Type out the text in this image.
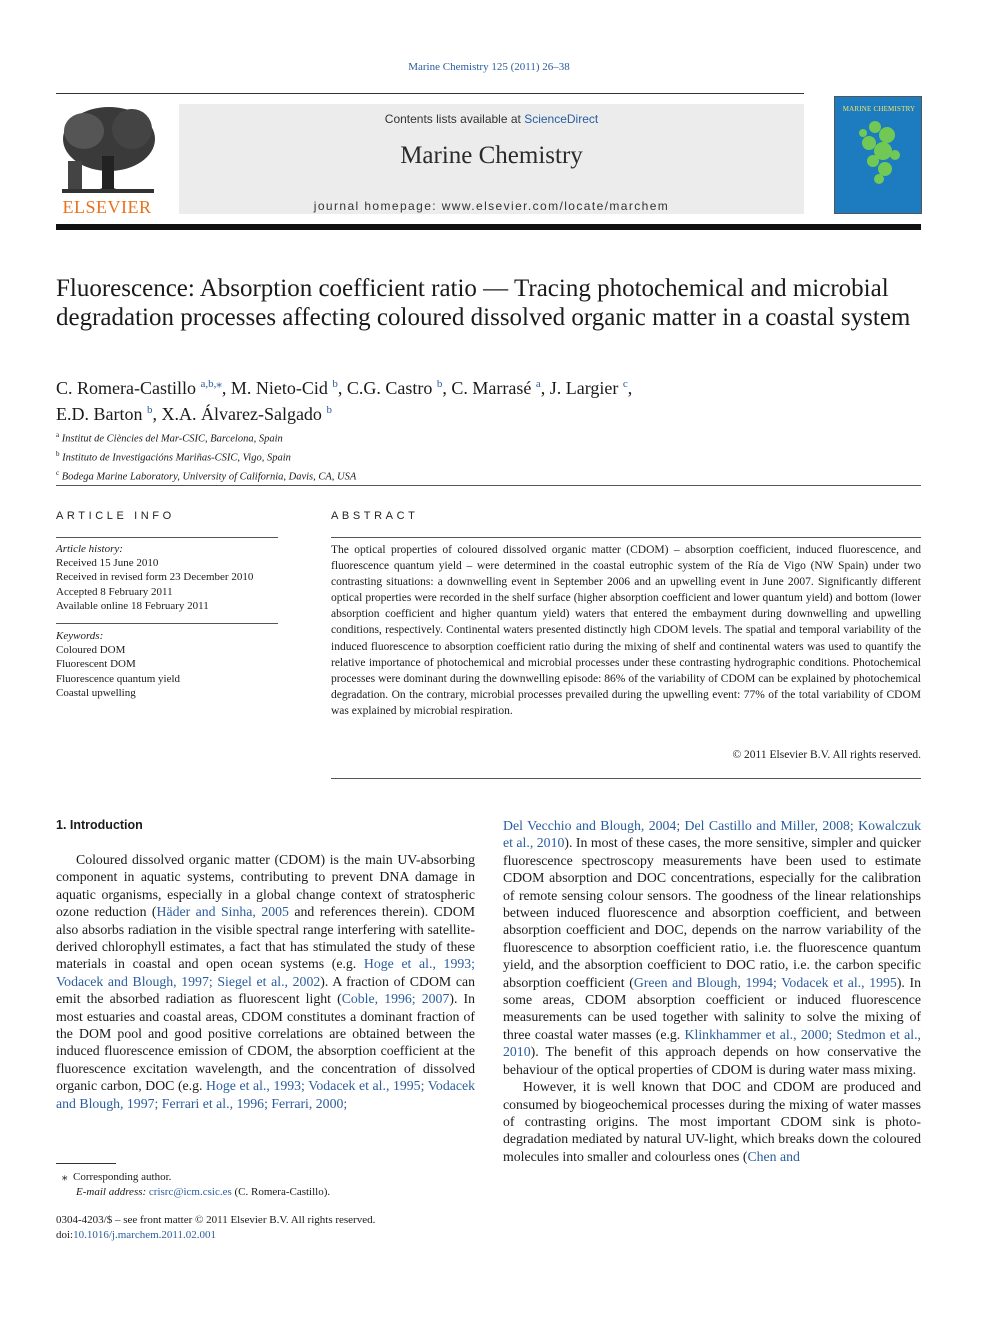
Marine Chemistry 125 (2011) 26–38
ELSEVIER
Contents lists available at ScienceDirect
Marine Chemistry
journal homepage: www.elsevier.com/locate/marchem
MARINE CHEMISTRY
Fluorescence: Absorption coefficient ratio — Tracing photochemical and microbial degradation processes affecting coloured dissolved organic matter in a coastal system
C. Romera-Castillo $^{a,b,⁎}$, M. Nieto-Cid $^b$, C.G. Castro $^b$, C. Marrasé $^a$, J. Largier $^c$,
E.D. Barton $^b$, X.A. Álvarez-Salgado $^b$
$^a$ Institut de Ciències del Mar-CSIC, Barcelona, Spain
$^b$ Instituto de Investigacións Mariñas-CSIC, Vigo, Spain
$^c$ Bodega Marine Laboratory, University of California, Davis, CA, USA
ARTICLE INFO	ABSTRACT
Article history:
Received 15 June 2010
Received in revised form 23 December 2010
Accepted 8 February 2011
Available online 18 February 2011
Keywords:
Coloured DOM
Fluorescent DOM
Fluorescence quantum yield
Coastal upwelling
The optical properties of coloured dissolved organic matter (CDOM) – absorption coefficient, induced fluorescence, and fluorescence quantum yield – were determined in the coastal eutrophic system of the Ría de Vigo (NW Spain) under two contrasting situations: a downwelling event in September 2006 and an upwelling event in June 2007. Significantly different optical properties were recorded in the shelf surface (higher absorption coefficient and lower quantum yield) and bottom (lower absorption coefficient and higher quantum yield) waters that entered the embayment during downwelling and upwelling conditions, respectively. Continental waters presented distinctly high CDOM levels. The spatial and temporal variability of the induced fluorescence to absorption coefficient ratio during the mixing of shelf and continental waters was used to quantify the relative importance of photochemical and microbial processes under these contrasting hydrographic conditions. Photochemical processes were dominant during the downwelling episode: 86% of the variability of CDOM can be explained by photochemical degradation. On the contrary, microbial processes prevailed during the upwelling event: 77% of the total variability of CDOM was explained by microbial respiration.
© 2011 Elsevier B.V. All rights reserved.
1. Introduction
Coloured dissolved organic matter (CDOM) is the main UV-absorbing component in aquatic systems, contributing to prevent DNA damage in aquatic organisms, especially in a global change context of stratospheric ozone reduction (Häder and Sinha, 2005 and references therein). CDOM also absorbs radiation in the visible spectral range interfering with satellite-derived chlorophyll estimates, a fact that has stimulated the study of these materials in coastal and open ocean systems (e.g. Hoge et al., 1993; Vodacek and Blough, 1997; Siegel et al., 2002). A fraction of CDOM can emit the absorbed radiation as fluorescent light (Coble, 1996; 2007). In most estuaries and coastal areas, CDOM constitutes a dominant fraction of the DOM pool and good positive correlations are obtained between the induced fluorescence emission of CDOM, the absorption coefficient at the fluorescence excitation wavelength, and the concentration of dissolved organic carbon, DOC (e.g. Hoge et al., 1993; Vodacek et al., 1995; Vodacek and Blough, 1997; Ferrari et al., 1996; Ferrari, 2000;

Del Vecchio and Blough, 2004; Del Castillo and Miller, 2008; Kowalczuk et al., 2010). In most of these cases, the more sensitive, simpler and quicker fluorescence spectroscopy measurements have been used to estimate CDOM absorption and DOC concentrations, especially for the calibration of remote sensing colour sensors. The goodness of the linear relationships between induced fluorescence and absorption coefficient, and between absorption coefficient and DOC, depends on the narrow variability of the fluorescence to absorption coefficient ratio, i.e. the fluorescence quantum yield, and the absorption coefficient to DOC ratio, i.e. the carbon specific absorption coefficient (Green and Blough, 1994; Vodacek et al., 1995). In some areas, CDOM absorption coefficient or induced fluorescence measurements can be used together with salinity to solve the mixing of three coastal water masses (e.g. Klinkhammer et al., 2000; Stedmon et al., 2010). The benefit of this approach depends on how conservative the behaviour of the optical properties of CDOM is during water mass mixing.

However, it is well known that DOC and CDOM are produced and consumed by biogeochemical processes during the mixing of water masses of contrasting origins. The most important CDOM sink is photo-degradation mediated by natural UV-light, which breaks down the coloured molecules into smaller and colourless ones (Chen and

⁎ Corresponding author.
E-mail address: crisrc@icm.csic.es (C. Romera-Castillo).
0304-4203/$ – see front matter © 2011 Elsevier B.V. All rights reserved.
doi:10.1016/j.marchem.2011.02.001
